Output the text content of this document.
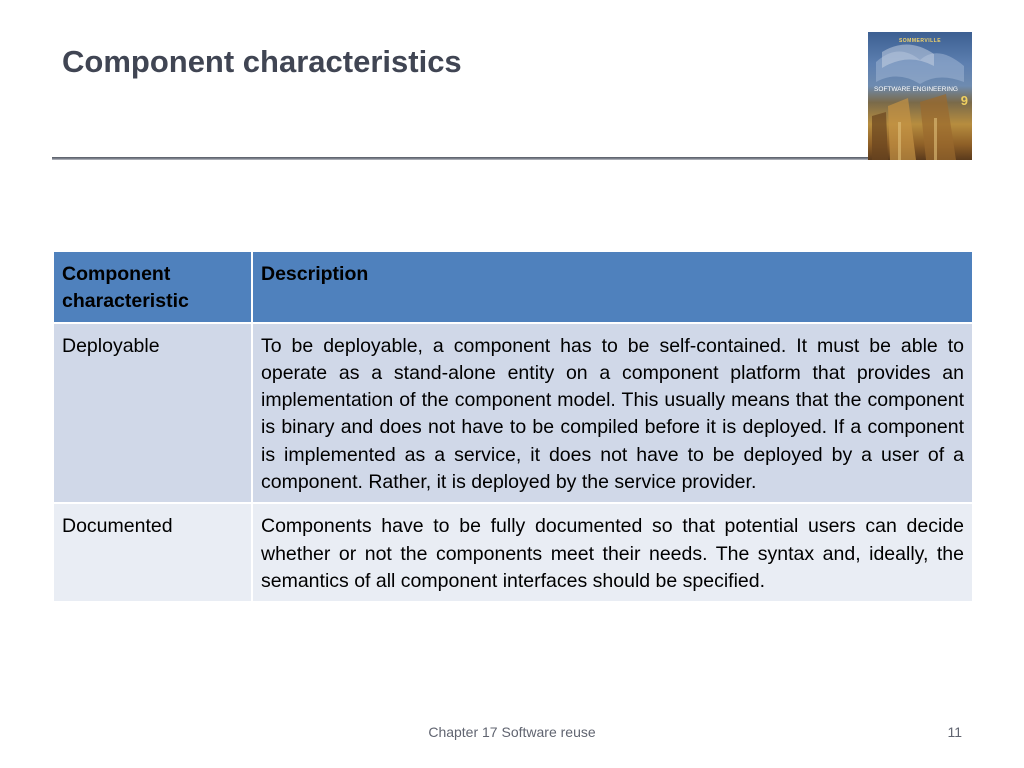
Component characteristics
SOMMERVILLE
SOFTWARE ENGINEERING
9
Component characteristic	Description
Deployable	To be deployable, a component has to be self-contained. It must be able to operate as a stand-alone entity on a component platform that provides an implementation of the component model. This usually means that the component is binary and does not have to be compiled before it is deployed. If a component is implemented as a service, it does not have to be deployed by a user of a component. Rather, it is deployed by the service provider.
Documented	Components have to be fully documented so that potential users can decide whether or not the components meet their needs. The syntax and, ideally, the semantics of all component interfaces should be specified.
Chapter 17 Software reuse	11
